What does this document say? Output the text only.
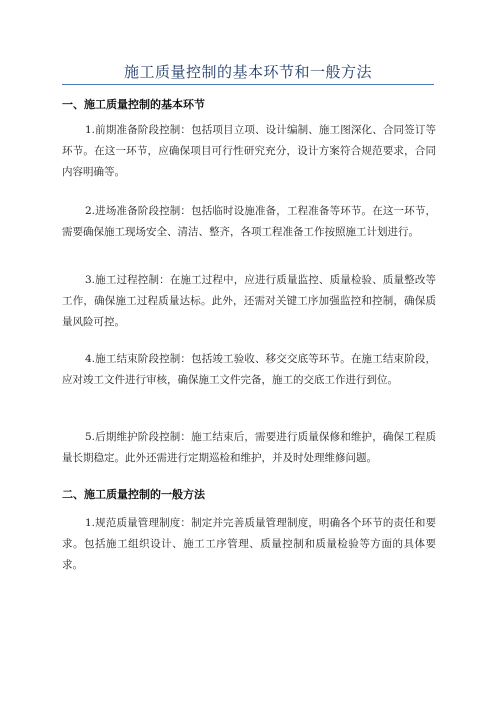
施工质量控制的基本环节和一般方法
一、施工质量控制的基本环节
1.前期准备阶段控制：包括项目立项、设计编制、施工图深化、合同签订等环节。在这一环节，应确保项目可行性研究充分，设计方案符合规范要求，合同内容明确等。
2.进场准备阶段控制：包括临时设施准备，工程准备等环节。在这一环节，需要确保施工现场安全、清洁、整齐，各项工程准备工作按照施工计划进行。
3.施工过程控制：在施工过程中，应进行质量监控、质量检验、质量整改等工作，确保施工过程质量达标。此外，还需对关键工序加强监控和控制，确保质量风险可控。
4.施工结束阶段控制：包括竣工验收、移交交底等环节。在施工结束阶段，应对竣工文件进行审核，确保施工文件完备，施工的交底工作进行到位。
5.后期维护阶段控制：施工结束后，需要进行质量保修和维护，确保工程质量长期稳定。此外还需进行定期巡检和维护，并及时处理维修问题。
二、施工质量控制的一般方法
1.规范质量管理制度：制定并完善质量管理制度，明确各个环节的责任和要求。包括施工组织设计、施工工序管理、质量控制和质量检验等方面的具体要求。
